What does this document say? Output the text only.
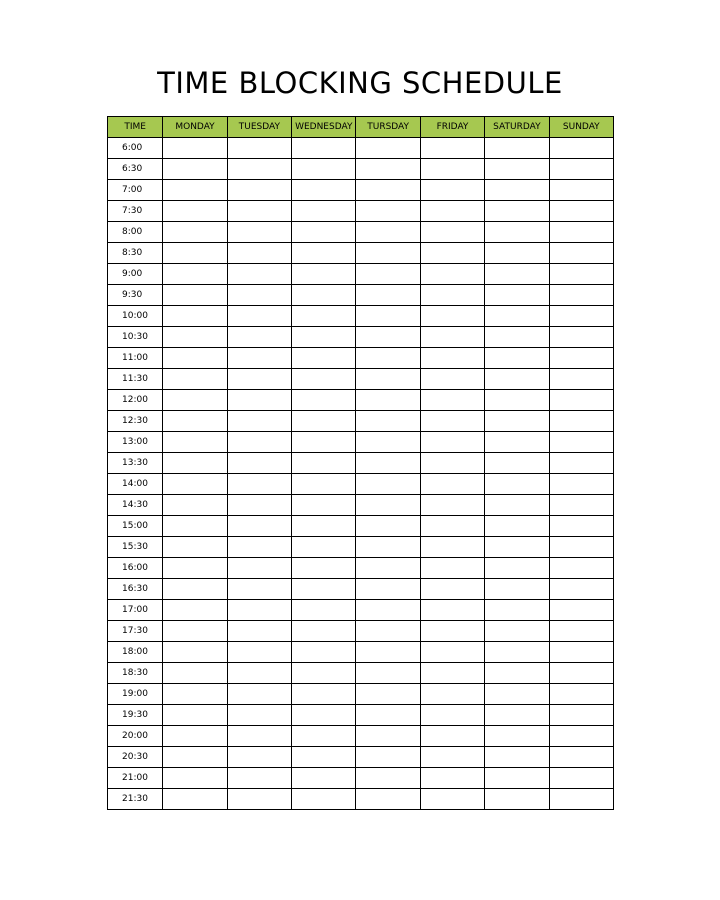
TIME BLOCKING SCHEDULE
TIME	MONDAY	TUESDAY	WEDNESDAY	TURSDAY	FRIDAY	SATURDAY	SUNDAY
6:00							
6:30							
7:00							
7:30							
8:00							
8:30							
9:00							
9:30							
10:00							
10:30							
11:00							
11:30							
12:00							
12:30							
13:00							
13:30							
14:00							
14:30							
15:00							
15:30							
16:00							
16:30							
17:00							
17:30							
18:00							
18:30							
19:00							
19:30							
20:00							
20:30							
21:00							
21:30							
